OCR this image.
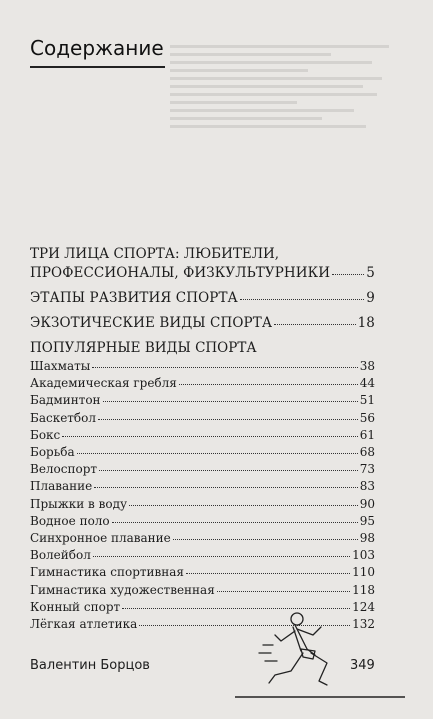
Содержание
ТРИ ЛИЦА СПОРТА: ЛЮБИТЕЛИ,
ПРОФЕССИОНАЛЫ, ФИЗКУЛЬТУРНИКИ	5
ЭТАПЫ РАЗВИТИЯ СПОРТА	9
ЭКЗОТИЧЕСКИЕ ВИДЫ СПОРТА	18
ПОПУЛЯРНЫЕ ВИДЫ СПОРТА
Шахматы	38
Академическая гребля	44
Бадминтон	51
Баскетбол	56
Бокс	61
Борьба	68
Велоспорт	73
Плавание	83
Прыжки в воду	90
Водное поло	95
Синхронное плавание	98
Волейбол	103
Гимнастика спортивная	110
Гимнастика художественная	118
Конный спорт	124
Лёгкая атлетика	132
Валентин Борцов	349
